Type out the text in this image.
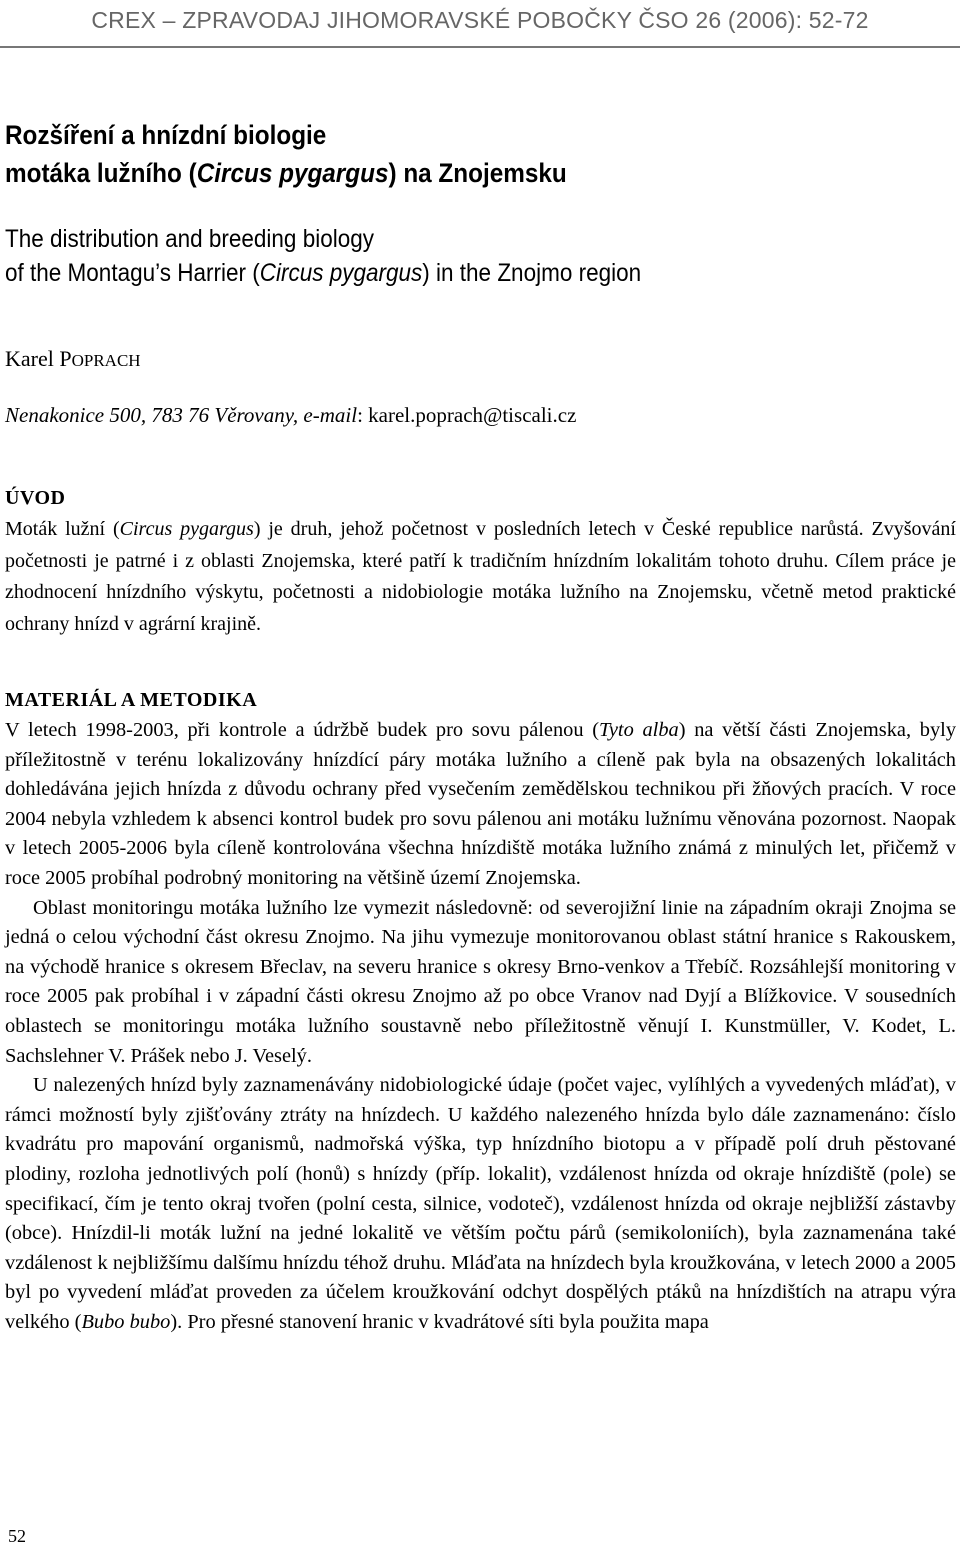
CREX – ZPRAVODAJ JIHOMORAVSKÉ POBOČKY ČSO 26 (2006): 52-72
Rozšíření a hnízdní biologie
motáka lužního (Circus pygargus) na Znojemsku
The distribution and breeding biology
of the Montagu’s Harrier (Circus pygargus) in the Znojmo region
Karel POPRACH
Nenakonice 500, 783 76 Věrovany, e-mail: karel.poprach@tiscali.cz
ÚVOD

Moták lužní (Circus pygargus) je druh, jehož početnost v posledních letech v České republice narůstá. Zvyšování početnosti je patrné i z oblasti Znojemska, které patří k tradičním hnízdním lokalitám tohoto druhu. Cílem práce je zhodnocení hnízdního výskytu, početnosti a nidobiologie motáka lužního na Znojemsku, včetně metod praktické ochrany hnízd v agrární krajině.

MATERIÁL A METODIKA

V letech 1998-2003, při kontrole a údržbě budek pro sovu pálenou (Tyto alba) na větší části Znojemska, byly příležitostně v terénu lokalizovány hnízdící páry motáka lužního a cíleně pak byla na obsazených lokalitách dohledávána jejich hnízda z důvodu ochrany před vysečením zemědělskou technikou při žňových pracích. V roce 2004 nebyla vzhledem k absenci kontrol budek pro sovu pálenou ani motáku lužnímu věnována pozornost. Naopak v letech 2005-2006 byla cíleně kontrolována všechna hnízdiště motáka lužního známá z minulých let, přičemž v roce 2005 probíhal podrobný monitoring na většině území Znojemska.

Oblast monitoringu motáka lužního lze vymezit následovně: od severojižní linie na západním okraji Znojma se jedná o celou východní část okresu Znojmo. Na jihu vymezuje monitorovanou oblast státní hranice s Rakouskem, na východě hranice s okresem Břeclav, na severu hranice s okresy Brno-venkov a Třebíč. Rozsáhlejší monitoring v roce 2005 pak probíhal i v západní části okresu Znojmo až po obce Vranov nad Dyjí a Blížkovice. V sousedních oblastech se monitoringu motáka lužního soustavně nebo příležitostně věnují I. Kunstmüller, V. Kodet, L. Sachslehner V. Prášek nebo J. Veselý.

U nalezených hnízd byly zaznamenávány nidobiologické údaje (počet vajec, vylíhlých a vyvedených mláďat), v rámci možností byly zjišťovány ztráty na hnízdech. U každého nalezeného hnízda bylo dále zaznamenáno: číslo kvadrátu pro mapování organismů, nadmořská výška, typ hnízdního biotopu a v případě polí druh pěstované plodiny, rozloha jednotlivých polí (honů) s hnízdy (příp. lokalit), vzdálenost hnízda od okraje hnízdiště (pole) se specifikací, čím je tento okraj tvořen (polní cesta, silnice, vodoteč), vzdálenost hnízda od okraje nejbližší zástavby (obce). Hnízdil-li moták lužní na jedné lokalitě ve větším počtu párů (semikoloniích), byla zaznamenána také vzdálenost k nejbližšímu dalšímu hnízdu téhož druhu. Mláďata na hnízdech byla kroužkována, v letech 2000 a 2005 byl po vyvedení mláďat proveden za účelem kroužkování odchyt dospělých ptáků na hnízdištích na atrapu výra velkého (Bubo bubo). Pro přesné stanovení hranic v kvadrátové síti byla použita mapa

52
